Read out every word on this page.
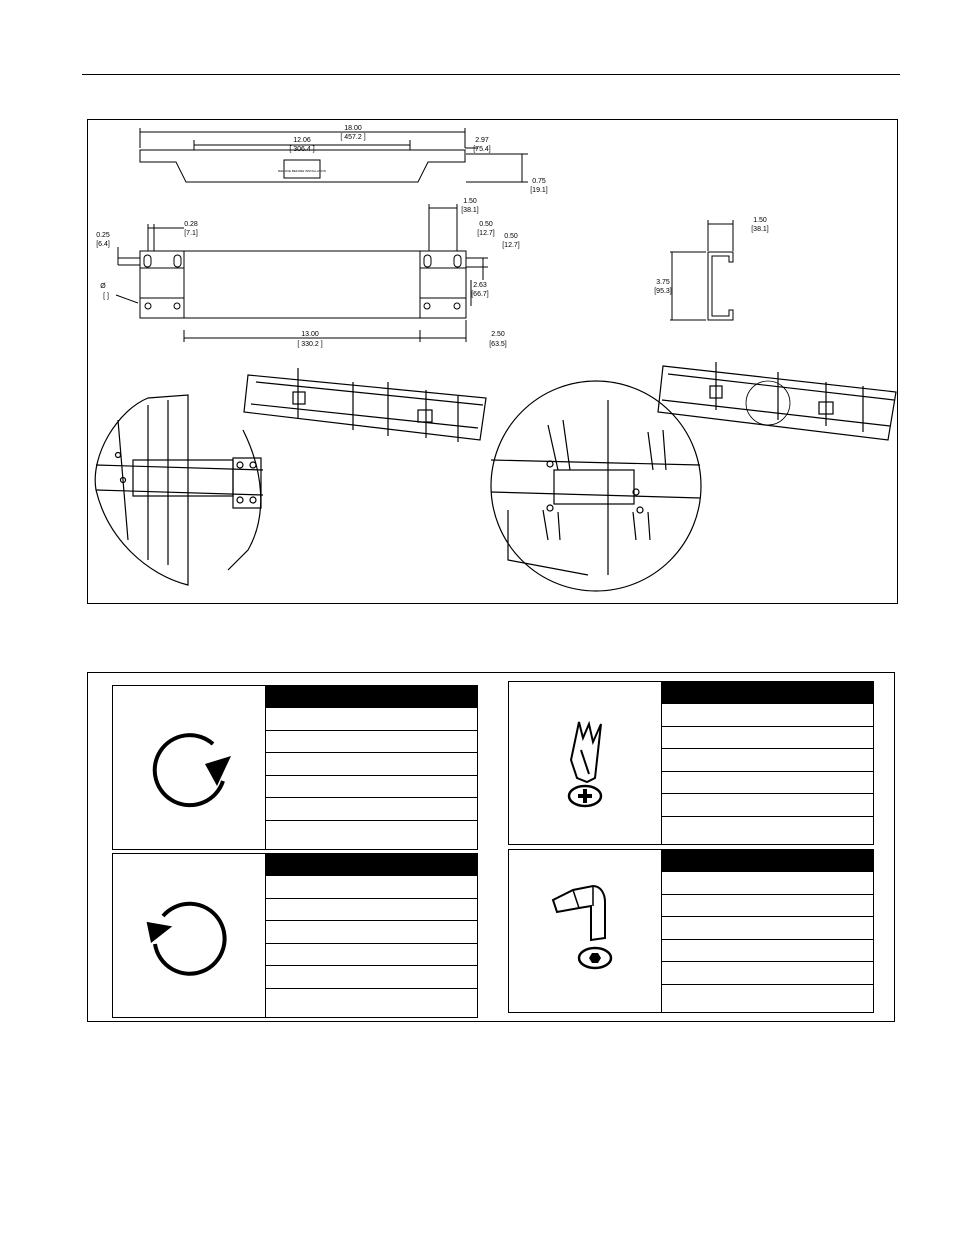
18.00
[ 457.2 ]
12.06
[ 306.4 ]
2.97
[75.4]
0.75
[19.1]
1.50
[38.1]
0.50
[12.7] 0.50
[12.7]
0.25
[6.4]
0.28
[7.1]
Ø
[ ]
2.63
[66.7]
13.00
[ 330.2 ]
2.50
[63.5]
1.50
[38.1]
3.75
[95.3]
REMOVE BEFORE INSTALLATION
